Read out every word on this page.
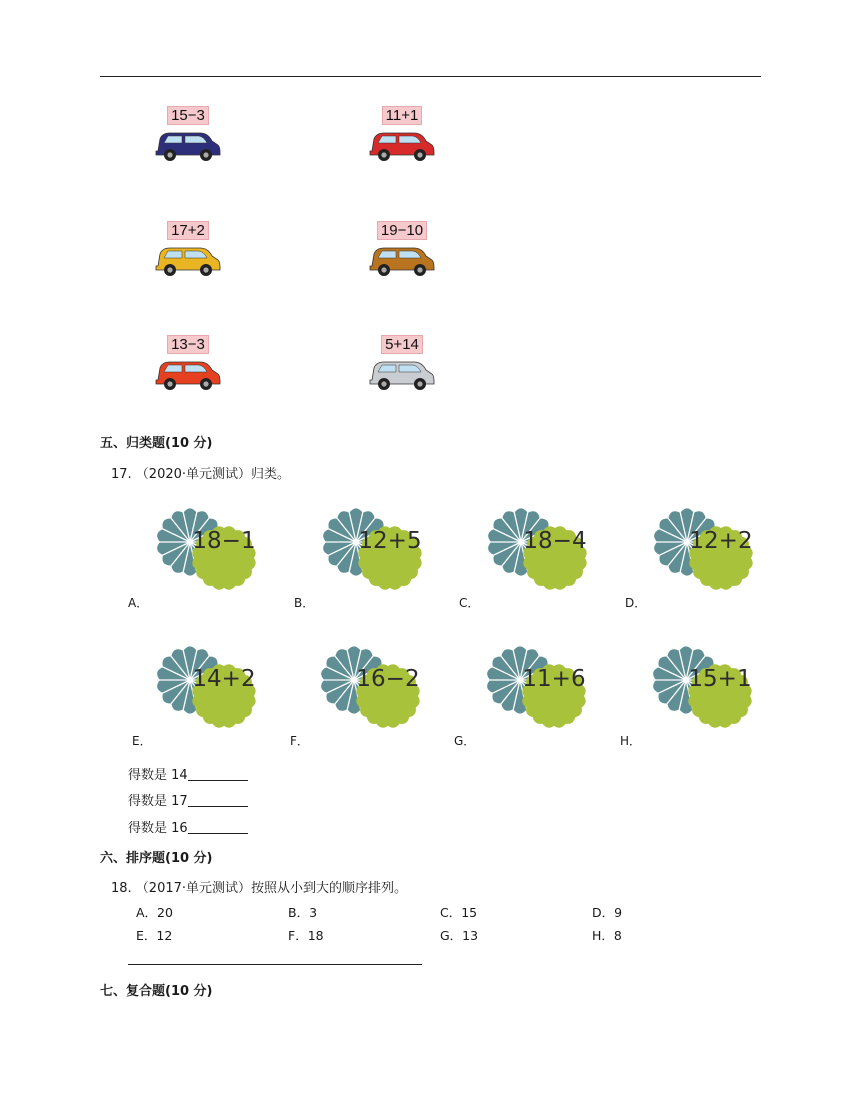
15−3	11+1
17+2	19−10
13−3	5+14
五、归类题(10 分)
17. （2020·单元测试）归类。
18−1
A．
12+5
B．
18−4
C．
12+2
D．
14+2
E．
16−2
F．
11+6
G．
15+1
H．
得数是 14
得数是 17
得数是 16
六、排序题(10 分)
18. （2017·单元测试）按照从小到大的顺序排列。
A．20	B．3	C．15	D．9
E．12	F．18	G．13	H．8
七、复合题(10 分)
